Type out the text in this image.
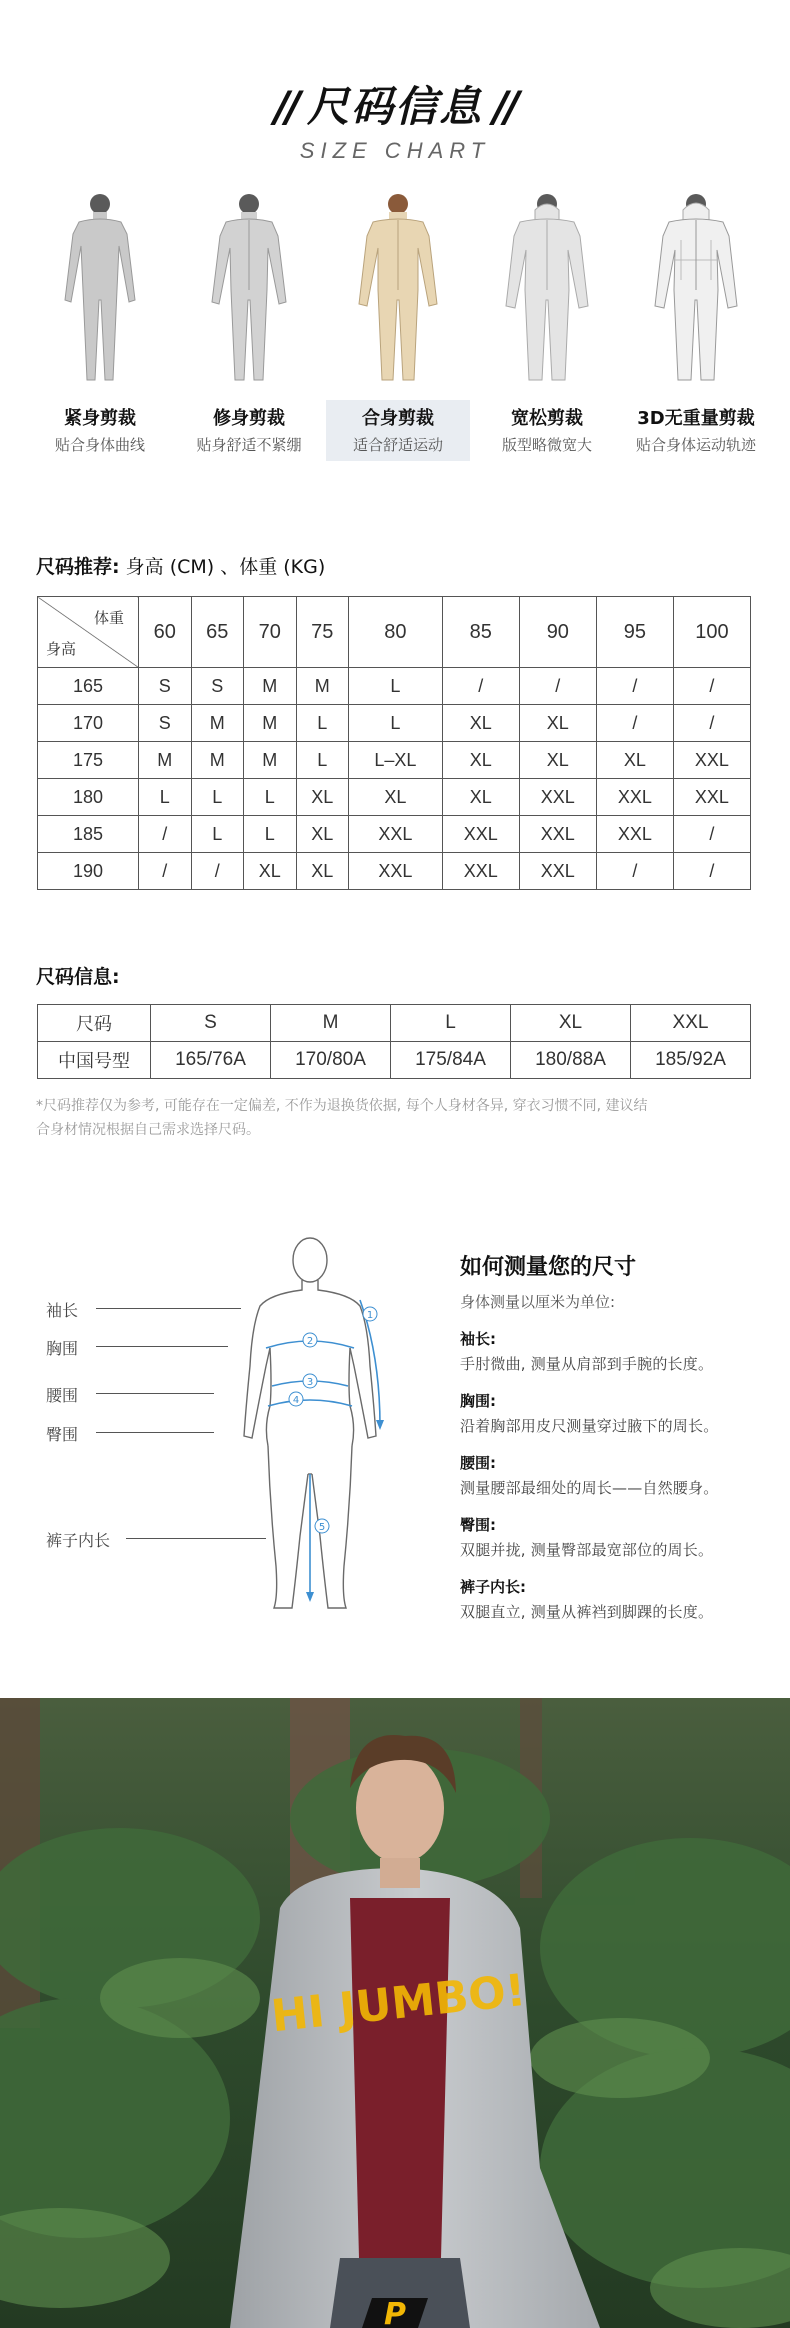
// 尺码信息 //
SIZE CHART
紧身剪裁
贴合身体曲线
修身剪裁
贴身舒适不紧绷
合身剪裁
适合舒适运动
宽松剪裁
版型略微宽大
3D无重量剪裁
贴合身体运动轨迹
尺码推荐: 身高 (CM) 、体重 (KG)
体重
身高	60	65	70	75	80	85	90	95	100
165	S	S	M	M	L	/	/	/	/
170	S	M	M	L	L	XL	XL	/	/
175	M	M	M	L	L–XL	XL	XL	XL	XXL
180	L	L	L	XL	XL	XL	XXL	XXL	XXL
185	/	L	L	XL	XXL	XXL	XXL	XXL	/
190	/	/	XL	XL	XXL	XXL	XXL	/	/
尺码信息:
尺码	S	M	L	XL	XXL
中国号型	165/76A	170/80A	175/84A	180/88A	185/92A
*尺码推荐仅为参考, 可能存在一定偏差, 不作为退换货依据, 每个人身材各异, 穿衣习惯不同, 建议结
合身材情况根据自己需求选择尺码。
袖长
胸围
腰围
臀围
裤子内长
1
2
3
4
5
如何测量您的尺寸
身体测量以厘米为单位:
袖长:
手肘微曲, 测量从肩部到手腕的长度。
胸围:
沿着胸部用皮尺测量穿过腋下的周长。
腰围:
测量腰部最细处的周长——自然腰身。
臀围:
双腿并拢, 测量臀部最宽部位的周长。
裤子内长:
双腿直立, 测量从裤裆到脚踝的长度。
HI JUMBO!
P
